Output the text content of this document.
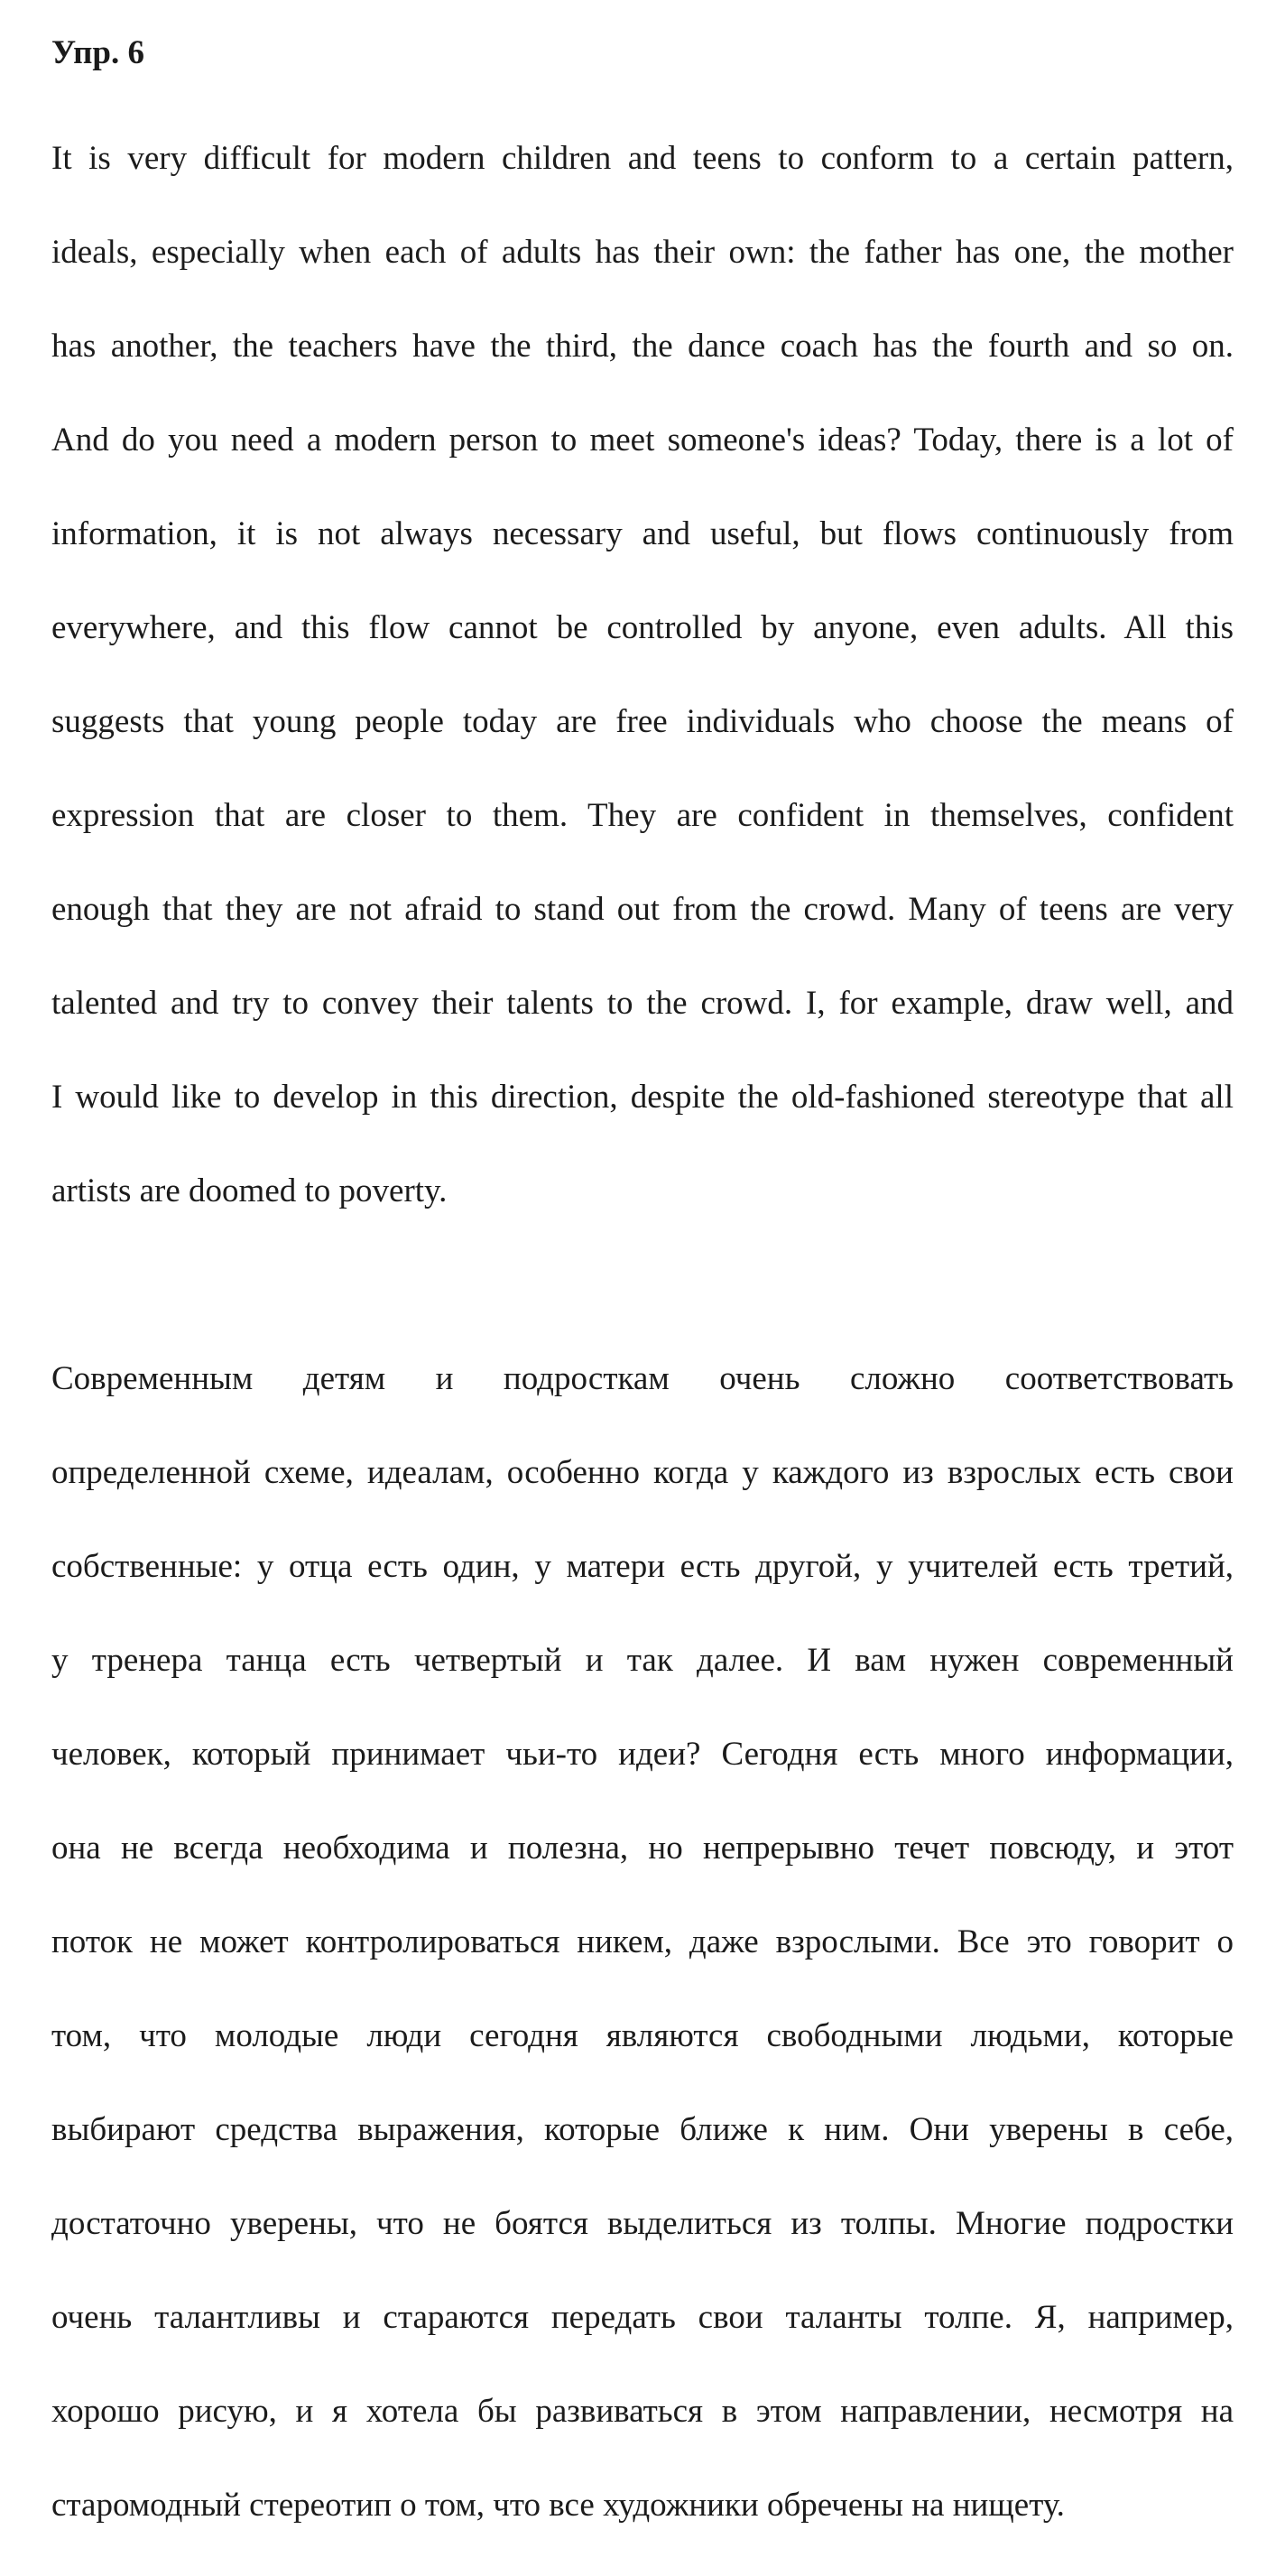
Упр. 6

It is very difficult for modern children and teens to conform to a certain pattern,

ideals, especially when each of adults has their own: the father has one, the mother

has another, the teachers have the third, the dance coach has the fourth and so on.

And do you need a modern person to meet someone's ideas? Today, there is a lot of

information, it is not always necessary and useful, but flows continuously from

everywhere, and this flow cannot be controlled by anyone, even adults. All this

suggests that young people today are free individuals who choose the means of

expression that are closer to them. They are confident in themselves, confident

enough that they are not afraid to stand out from the crowd. Many of teens are very

talented and try to convey their talents to the crowd. I, for example, draw well, and

I would like to develop in this direction, despite the old-fashioned stereotype that all

artists are doomed to poverty.

Современным детям и подросткам очень сложно соответствовать

определенной схеме, идеалам, особенно когда у каждого из взрослых есть свои

собственные: у отца есть один, у матери есть другой, у учителей есть третий,

у тренера танца есть четвертый и так далее. И вам нужен современный

человек, который принимает чьи-то идеи? Сегодня есть много информации,

она не всегда необходима и полезна, но непрерывно течет повсюду, и этот

поток не может контролироваться никем, даже взрослыми. Все это говорит о

том, что молодые люди сегодня являются свободными людьми, которые

выбирают средства выражения, которые ближе к ним. Они уверены в себе,

достаточно уверены, что не боятся выделиться из толпы. Многие подростки

очень талантливы и стараются передать свои таланты толпе. Я, например,

хорошо рисую, и я хотела бы развиваться в этом направлении, несмотря на

старомодный стереотип о том, что все художники обречены на нищету.
